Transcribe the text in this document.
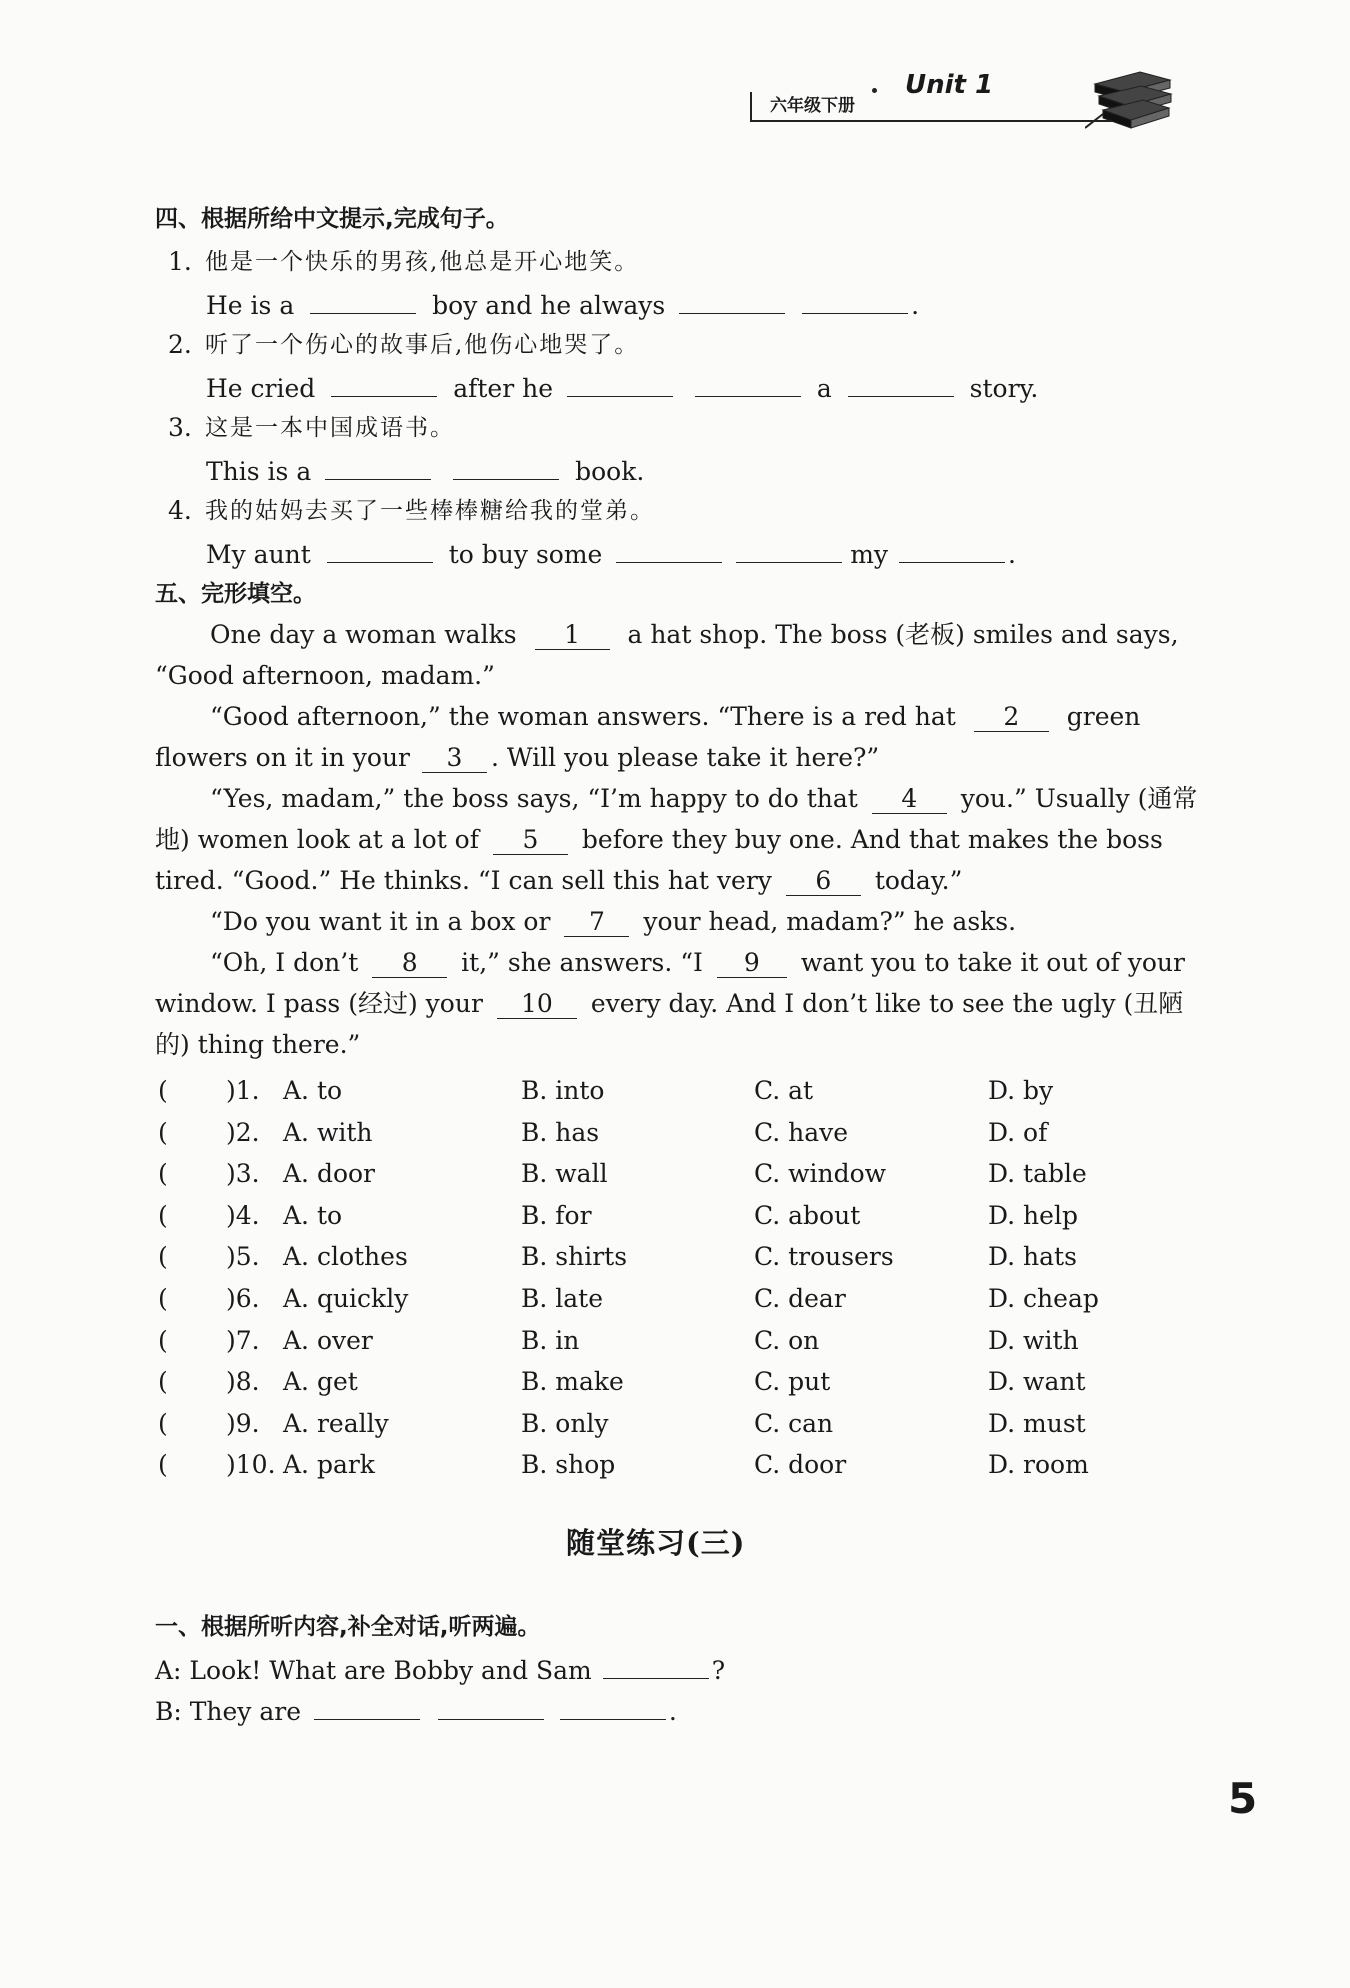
六年级下册
Unit 1
四、根据所给中文提示,完成句子。
1. 他是一个快乐的男孩,他总是开心地笑。
He is a	boy and he always	.
2. 听了一个伤心的故事后,他伤心地哭了。
He cried	after he	a	story.
3. 这是一本中国成语书。
This is a	book.
4. 我的姑妈去买了一些棒棒糖给我的堂弟。
My aunt	to buy some	my	.
五、完形填空。
One day a woman walks 1 a hat shop. The boss (老板) smiles and says,
“Good afternoon, madam.”
“Good afternoon,” the woman answers. “There is a red hat 2 green
flowers on it in your 3 . Will you please take it here?”
“Yes, madam,” the boss says, “I’m happy to do that 4 you.” Usually (通常
地) women look at a lot of 5 before they buy one. And that makes the boss
tired. “Good.” He thinks. “I can sell this hat very 6 today.”
“Do you want it in a box or 7 your head, madam?” he asks.
“Oh, I don’t 8 it,” she answers. “I 9 want you to take it out of your
window. I pass (经过) your 10 every day. And I don’t like to see the ugly (丑陋
的) thing there.”
( )1. A. to	B. into	C. at	D. by
( )2. A. with	B. has	C. have	D. of
( )3. A. door	B. wall	C. window	D. table
( )4. A. to	B. for	C. about	D. help
( )5. A. clothes	B. shirts	C. trousers	D. hats
( )6. A. quickly	B. late	C. dear	D. cheap
( )7. A. over	B. in	C. on	D. with
( )8. A. get	B. make	C. put	D. want
( )9. A. really	B. only	C. can	D. must
( )10. A. park	B. shop	C. door	D. room
随堂练习(三)
一、根据所听内容,补全对话,听两遍。
A: Look! What are Bobby and Sam	?
B: They are	.
5
